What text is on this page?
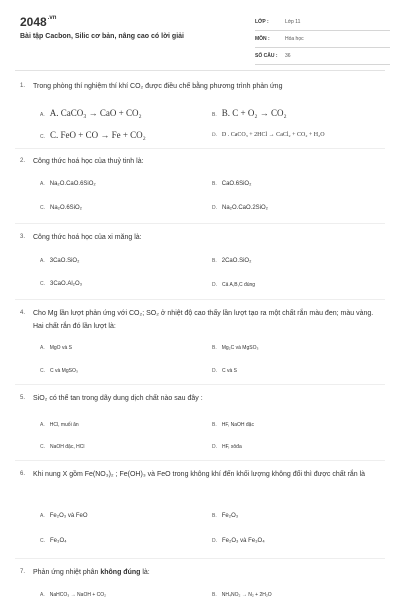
$2048^{.vn}$
Bài tập Cacbon, Silic cơ bản, nâng cao có lời giải
LỚP :	Lớp 11
MÔN :	Hóa học
SỐ CÂU : 36
1. Trong phòng thí nghiệm thí khí CO₂ được điều chế bằng phương trình phản ứng
A. A. CaCO₃ → CaO + CO₂	B. B. C + O₂ → CO₂
C. C. FeO + CO → Fe + CO₂	D. D . CaCO₃ + 2HCl → CaCl₂ + CO₂ + H₂O
2. Công thức hoá học của thuỷ tinh là:
A. Na₂O.CaO.6SiO₂	B. CaO.6SiO₂
C. Na₂O.6SiO₂	D. Na₂O.CaO.2SiO₂
3. Công thức hoá học của xi măng là:
A. 3CaO.SiO₂	B. 2CaO.SiO₂
C. 3CaO.Al₂O₃	D. Cả A,B,C đúng
4. Cho Mg lần lượt phản ứng với CO₂; SO₂ ở nhiệt độ cao thấy lần lượt tạo ra một chất rắn màu đen; màu vàng. Hai chất rắn đó lần lượt là:
A. MgO và S	B. Mg₂C và MgSO₃
C. C và MgSO₃	D. C và S
5. SiO₂ có thể tan trong dãy dung dịch chất nào sau đây :
A. HCl, muối ăn	B. HF, NaOH đặc
C. NaOH đặc, HCl	D. HF, xôđa
6. Khi nung X gồm Fe(NO₃)₂ ; Fe(OH)₃ và FeO trong không khí đến khối lượng không đổi thì được chất rắn là
A. Fe₂O₃ và FeO	B. Fe₂O₃
C. Fe₃O₄	D. Fe₂O₃ và Fe₃O₄
7. Phản ứng nhiệt phân không đúng là:
A. NaHCO₃ → NaOH + CO₂	B. NH₄NO₂ → N₂ + 2H₂O
